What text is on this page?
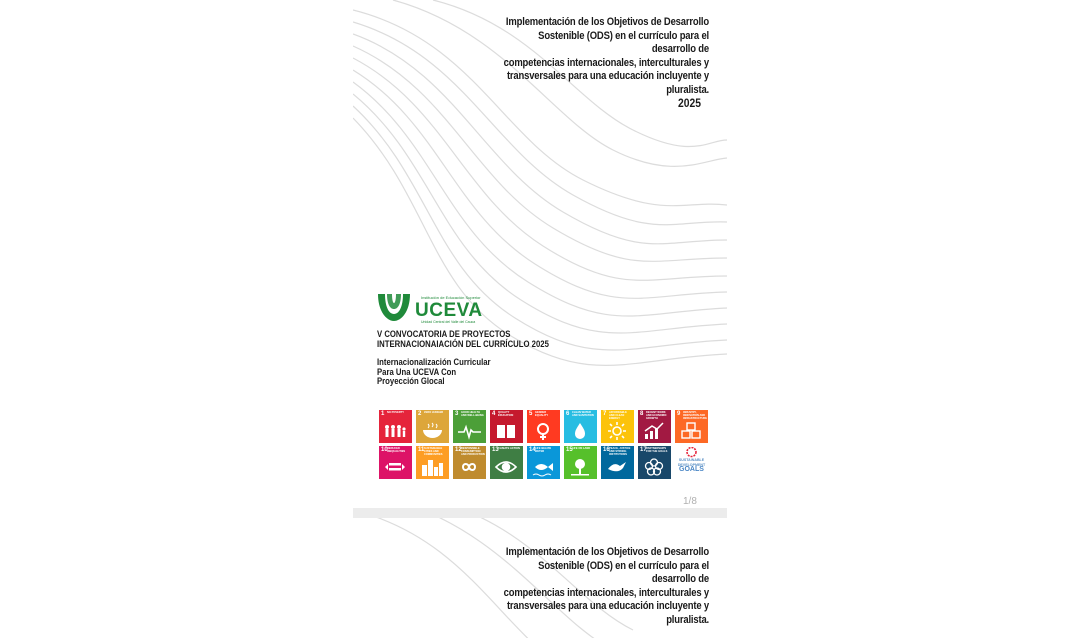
Implementación de los Objetivos de Desarrollo
Sostenible (ODS) en el currículo para el desarrollo de
competencias internacionales, interculturales y
transversales para una educación incluyente y
pluralista.
2025
Institución de Educación Superior
UCEVA
Unidad Central del Valle del Cauca
V CONVOCATORIA DE PROYECTOS
INTERNACIONAIACIÓN DEL CURRÍCULO 2025
Internacionalización Curricular
Para Una UCEVA Con
Proyección Glocal
1 NO POVERTY	2 ZERO HUNGER	3 GOOD HEALTH AND WELL-BEING 4 QUALITY EDUCATION	5 GENDER EQUALITY	6 CLEAN WATER AND SANITATION	7 AFFORDABLE AND CLEAN ENERGY
8 DECENT WORK AND ECONOMIC GROWTH
9 INDUSTRY, INNOVATION AND INFRASTRUCTURE
10 REDUCED INEQUALITIES	11 SUSTAINABLE CITIES AND COMMUNITIES
12 RESPONSIBLE CONSUMPTION AND PRODUCTION
13 CLIMATE ACTION	14 LIFE BELOW WATER	15 LIFE ON LAND	16 PEACE, JUSTICE AND STRONG INSTITUTIONS
17 PARTNERSHIPS FOR THE GOALS
SUSTAINABLE
DEVELOPMENT
GOALS
1/8
Implementación de los Objetivos de Desarrollo
Sostenible (ODS) en el currículo para el desarrollo de
competencias internacionales, interculturales y
transversales para una educación incluyente y
pluralista.
